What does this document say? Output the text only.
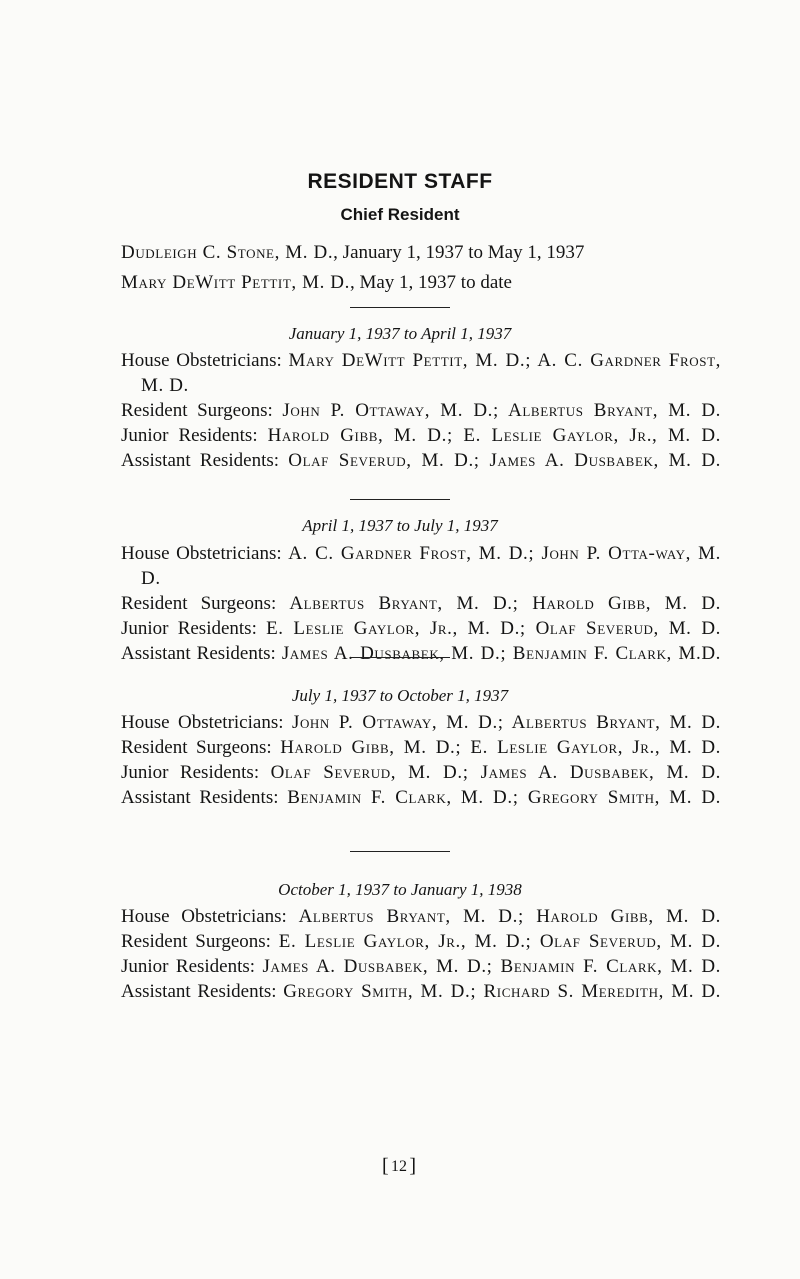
RESIDENT STAFF
Chief Resident
Dudleigh C. Stone, M. D., January 1, 1937 to May 1, 1937
Mary DeWitt Pettit, M. D., May 1, 1937 to date
January 1, 1937 to April 1, 1937
House Obstetricians: Mary DeWitt Pettit, M. D.; A. C. Gardner Frost, M. D.
Resident Surgeons: John P. Ottaway, M. D.; Albertus Bryant, M. D.
Junior Residents: Harold Gibb, M. D.; E. Leslie Gaylor, Jr., M. D.
Assistant Residents: Olaf Severud, M. D.; James A. Dusbabek, M. D.
April 1, 1937 to July 1, 1937
House Obstetricians: A. C. Gardner Frost, M. D.; John P. Otta-way, M. D.
Resident Surgeons: Albertus Bryant, M. D.; Harold Gibb, M. D.
Junior Residents: E. Leslie Gaylor, Jr., M. D.; Olaf Severud, M. D.
Assistant Residents: James A. Dusbabek, M. D.; Benjamin F. Clark, M.D.
July 1, 1937 to October 1, 1937
House Obstetricians: John P. Ottaway, M. D.; Albertus Bryant, M. D.
Resident Surgeons: Harold Gibb, M. D.; E. Leslie Gaylor, Jr., M. D.
Junior Residents: Olaf Severud, M. D.; James A. Dusbabek, M. D.
Assistant Residents: Benjamin F. Clark, M. D.; Gregory Smith, M. D.
October 1, 1937 to January 1, 1938
House Obstetricians: Albertus Bryant, M. D.; Harold Gibb, M. D.
Resident Surgeons: E. Leslie Gaylor, Jr., M. D.; Olaf Severud, M. D.
Junior Residents: James A. Dusbabek, M. D.; Benjamin F. Clark, M. D.
Assistant Residents: Gregory Smith, M. D.; Richard S. Meredith, M. D.
[ 12 ]
